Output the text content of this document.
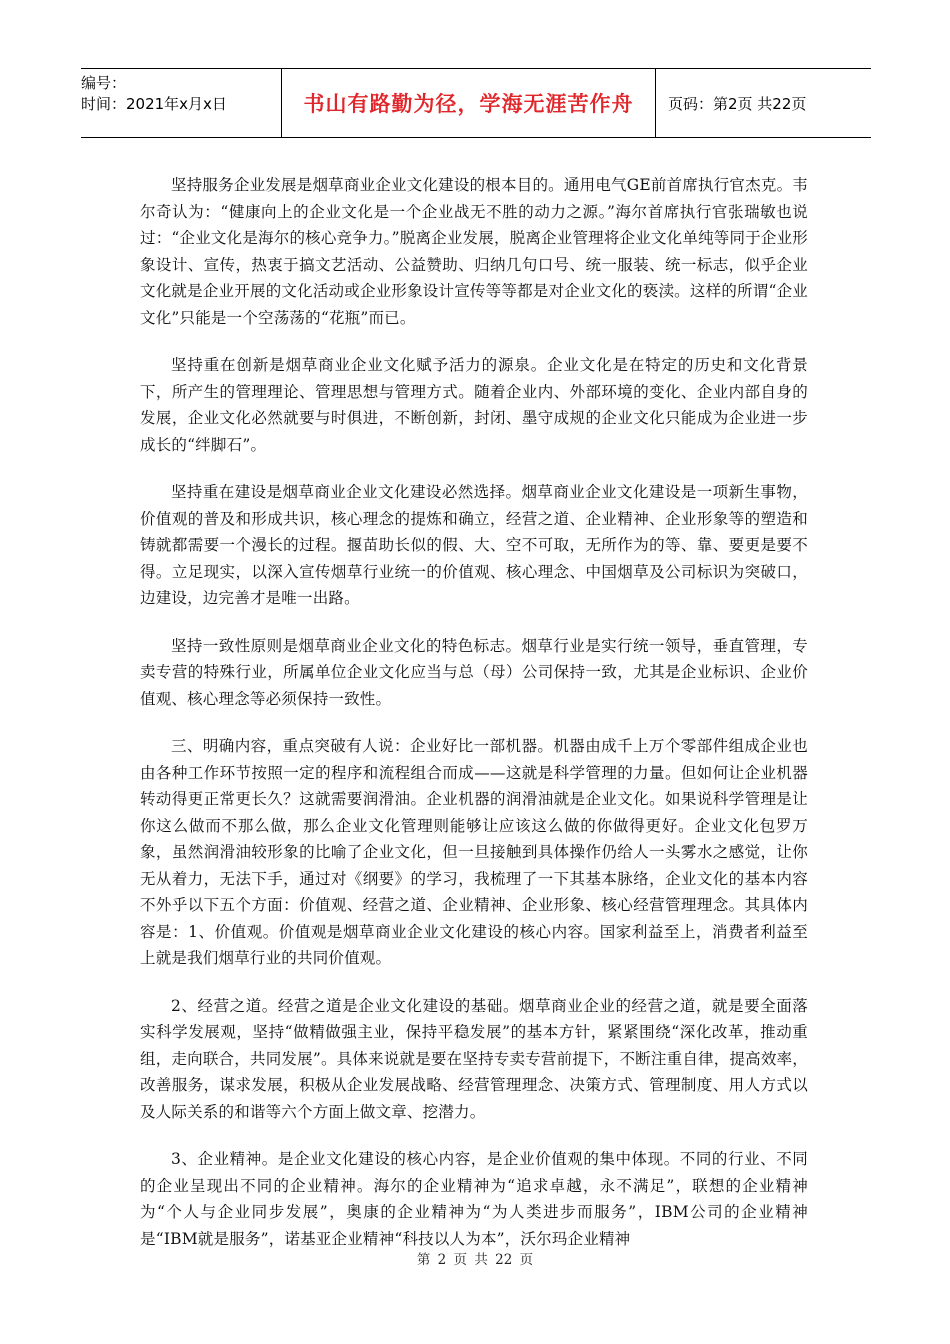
编号：
时间：2021年x月x日	书山有路勤为径，学海无涯苦作舟	页码：第2页 共22页

坚持服务企业发展是烟草商业企业文化建设的根本目的。通用电气GE前首席执行官杰克。韦尔奇认为：“健康向上的企业文化是一个企业战无不胜的动力之源。”海尔首席执行官张瑞敏也说过：“企业文化是海尔的核心竞争力。”脱离企业发展，脱离企业管理将企业文化单纯等同于企业形象设计、宣传，热衷于搞文艺活动、公益赞助、归纳几句口号、统一服装、统一标志，似乎企业文化就是企业开展的文化活动或企业形象设计宣传等等都是对企业文化的亵渎。这样的所谓“企业文化”只能是一个空荡荡的“花瓶”而已。

坚持重在创新是烟草商业企业文化赋予活力的源泉。企业文化是在特定的历史和文化背景下，所产生的管理理论、管理思想与管理方式。随着企业内、外部环境的变化、企业内部自身的发展，企业文化必然就要与时俱进，不断创新，封闭、墨守成规的企业文化只能成为企业进一步成长的“绊脚石”。

坚持重在建设是烟草商业企业文化建设必然选择。烟草商业企业文化建设是一项新生事物，价值观的普及和形成共识，核心理念的提炼和确立，经营之道、企业精神、企业形象等的塑造和铸就都需要一个漫长的过程。揠苗助长似的假、大、空不可取，无所作为的等、靠、要更是要不得。立足现实，以深入宣传烟草行业统一的价值观、核心理念、中国烟草及公司标识为突破口，边建设，边完善才是唯一出路。

坚持一致性原则是烟草商业企业文化的特色标志。烟草行业是实行统一领导，垂直管理，专卖专营的特殊行业，所属单位企业文化应当与总（母）公司保持一致，尤其是企业标识、企业价值观、核心理念等必须保持一致性。

三、明确内容，重点突破有人说：企业好比一部机器。机器由成千上万个零部件组成企业也由各种工作环节按照一定的程序和流程组合而成——这就是科学管理的力量。但如何让企业机器转动得更正常更长久？这就需要润滑油。企业机器的润滑油就是企业文化。如果说科学管理是让你这么做而不那么做，那么企业文化管理则能够让应该这么做的你做得更好。企业文化包罗万象，虽然润滑油较形象的比喻了企业文化，但一旦接触到具体操作仍给人一头雾水之感觉，让你无从着力，无法下手，通过对《纲要》的学习，我梳理了一下其基本脉络，企业文化的基本内容不外乎以下五个方面：价值观、经营之道、企业精神、企业形象、核心经营管理理念。其具体内容是：1、价值观。价值观是烟草商业企业文化建设的核心内容。国家利益至上，消费者利益至上就是我们烟草行业的共同价值观。

2、经营之道。经营之道是企业文化建设的基础。烟草商业企业的经营之道，就是要全面落实科学发展观，坚持“做精做强主业，保持平稳发展”的基本方针，紧紧围绕“深化改革，推动重组，走向联合，共同发展”。具体来说就是要在坚持专卖专营前提下，不断注重自律，提高效率，改善服务，谋求发展，积极从企业发展战略、经营管理理念、决策方式、管理制度、用人方式以及人际关系的和谐等六个方面上做文章、挖潜力。

3、企业精神。是企业文化建设的核心内容，是企业价值观的集中体现。不同的行业、不同的企业呈现出不同的企业精神。海尔的企业精神为“追求卓越，永不满足”，联想的企业精神为“个人与企业同步发展”，奥康的企业精神为“为人类进步而服务”，IBM公司的企业精神是“IBM就是服务”，诺基亚企业精神“科技以人为本”，沃尔玛企业精神

第 2 页 共 22 页
